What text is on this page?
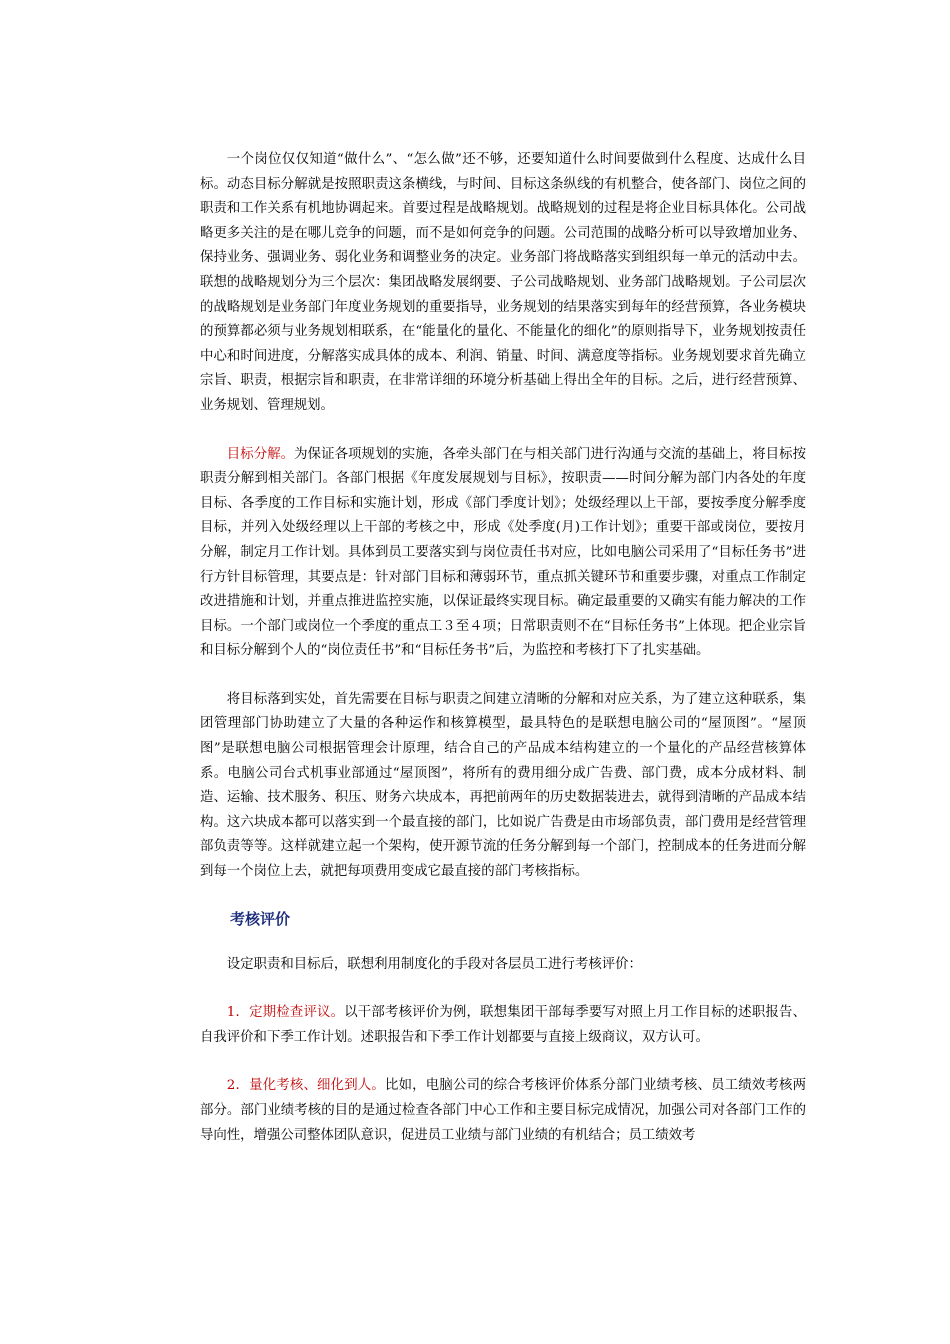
一个岗位仅仅知道“做什么”、“怎么做”还不够，还要知道什么时间要做到什么程度、达成什么目标。动态目标分解就是按照职责这条横线，与时间、目标这条纵线的有机整合，使各部门、岗位之间的职责和工作关系有机地协调起来。首要过程是战略规划。战略规划的过程是将企业目标具体化。公司战略更多关注的是在哪儿竞争的问题，而不是如何竞争的问题。公司范围的战略分析可以导致增加业务、保持业务、强调业务、弱化业务和调整业务的决定。业务部门将战略落实到组织每一单元的活动中去。联想的战略规划分为三个层次：集团战略发展纲要、子公司战略规划、业务部门战略规划。子公司层次的战略规划是业务部门年度业务规划的重要指导，业务规划的结果落实到每年的经营预算，各业务模块的预算都必须与业务规划相联系，在“能量化的量化、不能量化的细化”的原则指导下，业务规划按责任中心和时间进度，分解落实成具体的成本、利润、销量、时间、满意度等指标。业务规划要求首先确立宗旨、职责，根据宗旨和职责，在非常详细的环境分析基础上得出全年的目标。之后，进行经营预算、业务规划、管理规划。

目标分解。为保证各项规划的实施，各牵头部门在与相关部门进行沟通与交流的基础上，将目标按职责分解到相关部门。各部门根据《年度发展规划与目标》，按职责——时间分解为部门内各处的年度目标、各季度的工作目标和实施计划，形成《部门季度计划》；处级经理以上干部，要按季度分解季度目标，并列入处级经理以上干部的考核之中，形成《处季度(月)工作计划》；重要干部或岗位，要按月分解，制定月工作计划。具体到员工要落实到与岗位责任书对应，比如电脑公司采用了“目标任务书”进行方针目标管理，其要点是：针对部门目标和薄弱环节，重点抓关键环节和重要步骤，对重点工作制定改进措施和计划，并重点推进监控实施，以保证最终实现目标。确定最重要的又确实有能力解决的工作目标。一个部门或岗位一个季度的重点工３至４项；日常职责则不在“目标任务书”上体现。把企业宗旨和目标分解到个人的“岗位责任书”和“目标任务书”后，为监控和考核打下了扎实基础。

将目标落到实处，首先需要在目标与职责之间建立清晰的分解和对应关系，为了建立这种联系，集团管理部门协助建立了大量的各种运作和核算模型，最具特色的是联想电脑公司的“屋顶图”。“屋顶图”是联想电脑公司根据管理会计原理，结合自己的产品成本结构建立的一个量化的产品经营核算体系。电脑公司台式机事业部通过“屋顶图”，将所有的费用细分成广告费、部门费，成本分成材料、制造、运输、技术服务、积压、财务六块成本，再把前两年的历史数据装进去，就得到清晰的产品成本结构。这六块成本都可以落实到一个最直接的部门，比如说广告费是由市场部负责，部门费用是经营管理部负责等等。这样就建立起一个架构，使开源节流的任务分解到每一个部门，控制成本的任务进而分解到每一个岗位上去，就把每项费用变成它最直接的部门考核指标。

考核评价

设定职责和目标后，联想利用制度化的手段对各层员工进行考核评价：

1．定期检查评议。以干部考核评价为例，联想集团干部每季要写对照上月工作目标的述职报告、自我评价和下季工作计划。述职报告和下季工作计划都要与直接上级商议，双方认可。

2．量化考核、细化到人。比如，电脑公司的综合考核评价体系分部门业绩考核、员工绩效考核两部分。部门业绩考核的目的是通过检查各部门中心工作和主要目标完成情况，加强公司对各部门工作的导向性，增强公司整体团队意识，促进员工业绩与部门业绩的有机结合；员工绩效考
